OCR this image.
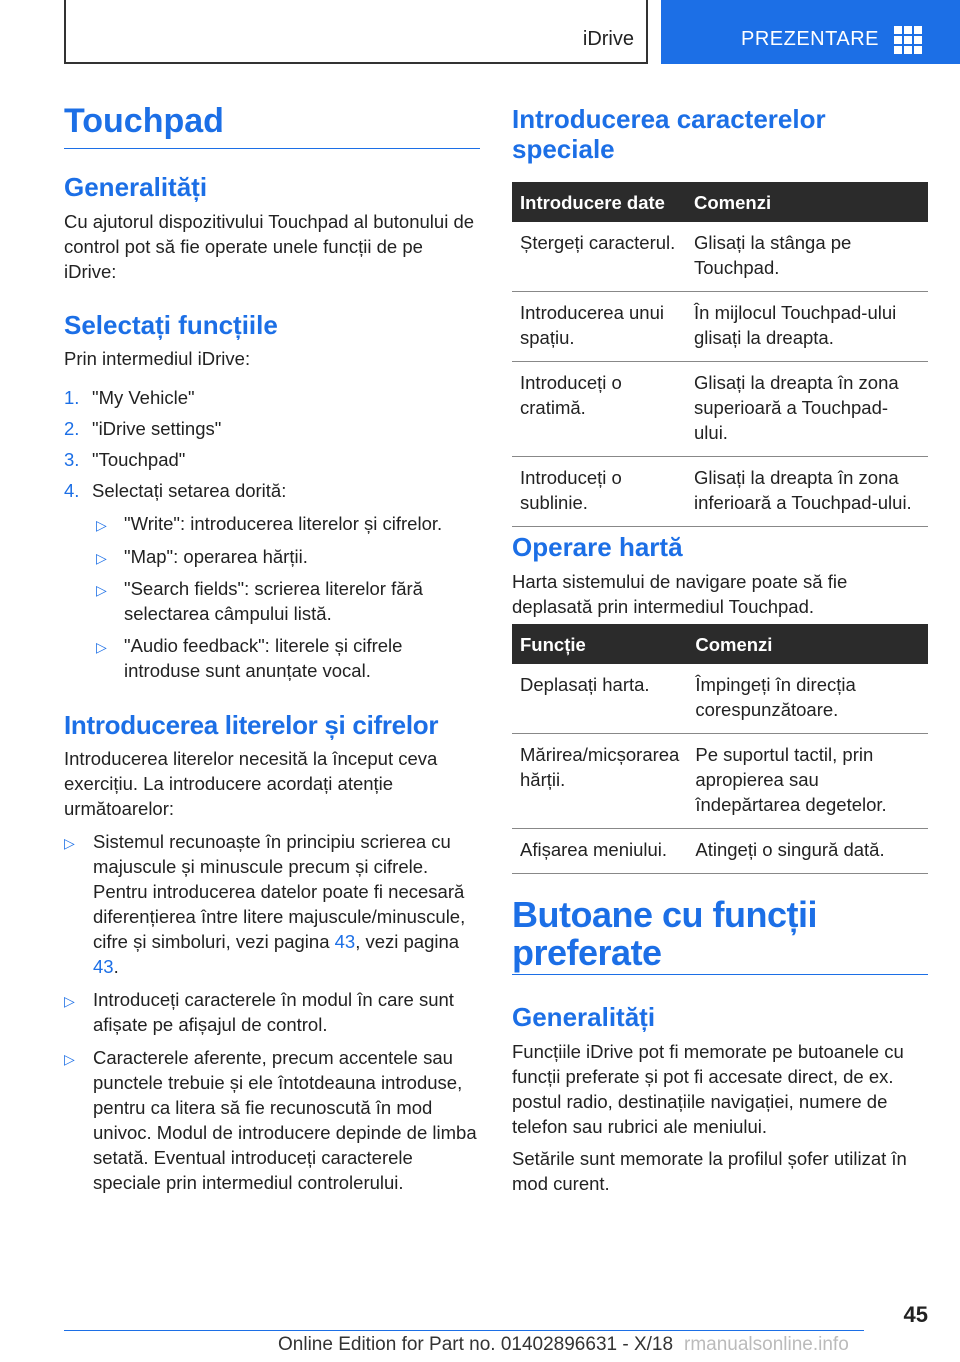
iDrive	PREZENTARE
Touchpad
Generalități

Cu ajutorul dispozitivului Touchpad al butonului de control pot să fie operate unele funcții de pe iDrive:

Selectați funcțiile

Prin intermediul iDrive:

1. "My Vehicle"
2. "iDrive settings"
3. "Touchpad"
4. Selectați setarea dorită:
▷ "Write": introducerea literelor și cifrelor.
▷ "Map": operarea hărții.
▷ "Search fields": scrierea literelor fără selectarea câmpului listă.
▷ "Audio feedback": literele și cifrele introduse sunt anunțate vocal.
Introducerea literelor și cifrelor

Introducerea literelor necesită la început ceva exercițiu. La introducere acordați atenție următoarelor:

▷ Sistemul recunoaște în principiu scrierea cu majuscule și minuscule precum și cifrele. Pentru introducerea datelor poate fi necesară diferențierea între litere majuscule/minuscule, cifre și simboluri, vezi pagina 43, vezi pagina 43.
▷ Introduceți caracterele în modul în care sunt afișate pe afișajul de control.
▷ Caracterele aferente, precum accentele sau punctele trebuie și ele întotdeauna introduse, pentru ca litera să fie recunoscută în mod univoc. Modul de introducere depinde de limba setată. Eventual introduceți caracterele speciale prin intermediul controlerului.
Introducerea caracterelor speciale
Introducere date	Comenzi
Ștergeți caracterul.	Glisați la stânga pe Touchpad.
Introducerea unui spațiu.	În mijlocul Touchpad-ului glisați la dreapta.
Introduceți o cratimă.	Glisați la dreapta în zona superioară a Touchpad-ului.
Introduceți o sublinie.	Glisați la dreapta în zona inferioară a Touchpad-ului.
Operare hartă

Harta sistemului de navigare poate să fie deplasată prin intermediul Touchpad.

Funcție	Comenzi
Deplasați harta.	Împingeți în direcția corespunzătoare.
Mărirea/micșorarea hărții.	Pe suportul tactil, prin apropierea sau îndepărtarea degetelor.
Afișarea meniului.	Atingeți o singură dată.
Butoane cu funcții preferate
Generalități

Funcțiile iDrive pot fi memorate pe butoanele cu funcții preferate și pot fi accesate direct, de ex. postul radio, destinațiile navigației, numere de telefon sau rubrici ale meniului.

Setările sunt memorate la profilul șofer utilizat în mod curent.

45
Online Edition for Part no. 01402896631 - X/18 rmanualsonline.info
